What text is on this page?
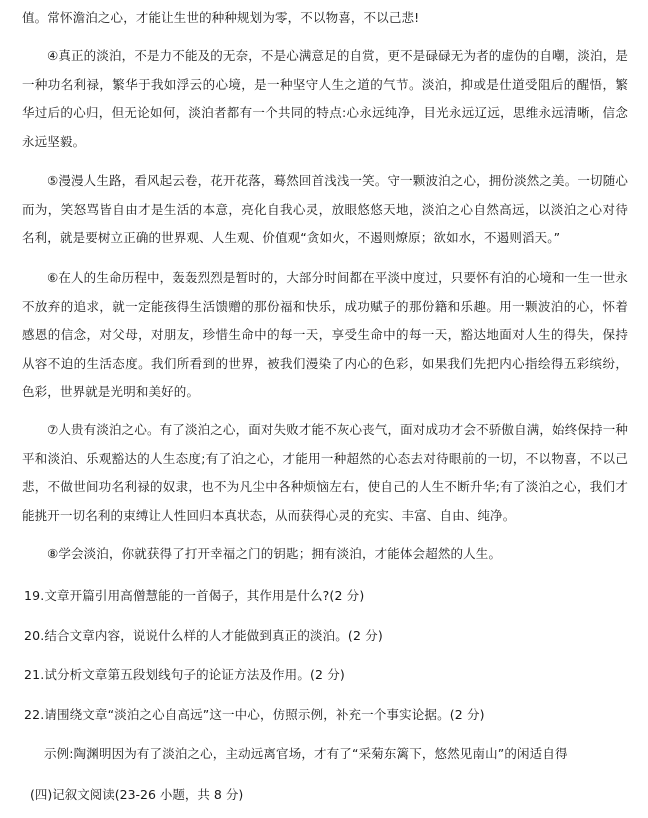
值。常怀澹泊之心，才能让生世的种种规划为零，不以物喜，不以己悲!

④真正的淡泊，不是力不能及的无奈，不是心满意足的自赏，更不是碌碌无为者的虚伪的自嘲，淡泊，是一种功名利禄，繁华于我如浮云的心境，是一种坚守人生之道的气节。淡泊，抑或是仕道受阻后的醒悟，繁华过后的心归，但无论如何，淡泊者都有一个共同的特点:心永远纯净，目光永远辽远，思维永远清晰，信念永远坚毅。

⑤漫漫人生路，看风起云卷，花开花落，蓦然回首浅浅一笑。守一颗波泊之心，拥份淡然之美。一切随心而为，笑怒骂皆自由才是生活的本意，亮化自我心灵，放眼悠悠天地，淡泊之心自然高远，以淡泊之心对待名利，就是要树立正确的世界观、人生观、价值观“贪如火，不遏则燎原；欲如水，不遏则滔天。”

⑥在人的生命历程中，轰轰烈烈是暂时的，大部分时间都在平淡中度过，只要怀有泊的心境和一生一世永不放弃的追求，就一定能孩得生活馈赠的那份福和快乐，成功赋子的那份籍和乐趣。用一颗波泊的心，怀着感恩的信念，对父母，对朋友，珍惜生命中的每一天，享受生命中的每一天，豁达地面对人生的得失，保持从容不迫的生活态度。我们所看到的世界，被我们漫染了内心的色彩，如果我们先把内心指绘得五彩缤纷，色彩，世界就是光明和美好的。

⑦人贵有淡泊之心。有了淡泊之心，面对失败才能不灰心丧气，面对成功才会不骄傲自满，始终保持一种平和淡泊、乐观豁达的人生态度;有了泊之心，才能用一种超然的心态去对待眼前的一切，不以物喜，不以己悲，不做世间功名利禄的奴隶，也不为凡尘中各种烦恼左右，使自己的人生不断升华;有了淡泊之心，我们才能挑开一切名利的束缚让人性回归本真状态，从而获得心灵的充实、丰富、自由、纯净。

⑧学会淡泊，你就获得了打开幸福之门的钥匙；拥有淡泊，才能体会超然的人生。

19.文章开篇引用高僧慧能的一首偈子，其作用是什么?(2 分)

20.结合文章内容，说说什么样的人才能做到真正的淡泊。(2 分)

21.试分析文章第五段划线句子的论证方法及作用。(2 分)

22.请围绕文章“淡泊之心自高远”这一中心，仿照示例，补充一个事实论据。(2 分)

示例:陶渊明因为有了淡泊之心，主动远离官场，才有了“采菊东篱下，悠然见南山”的闲适自得

(四)记叙文阅读(23-26 小题，共 8 分)
